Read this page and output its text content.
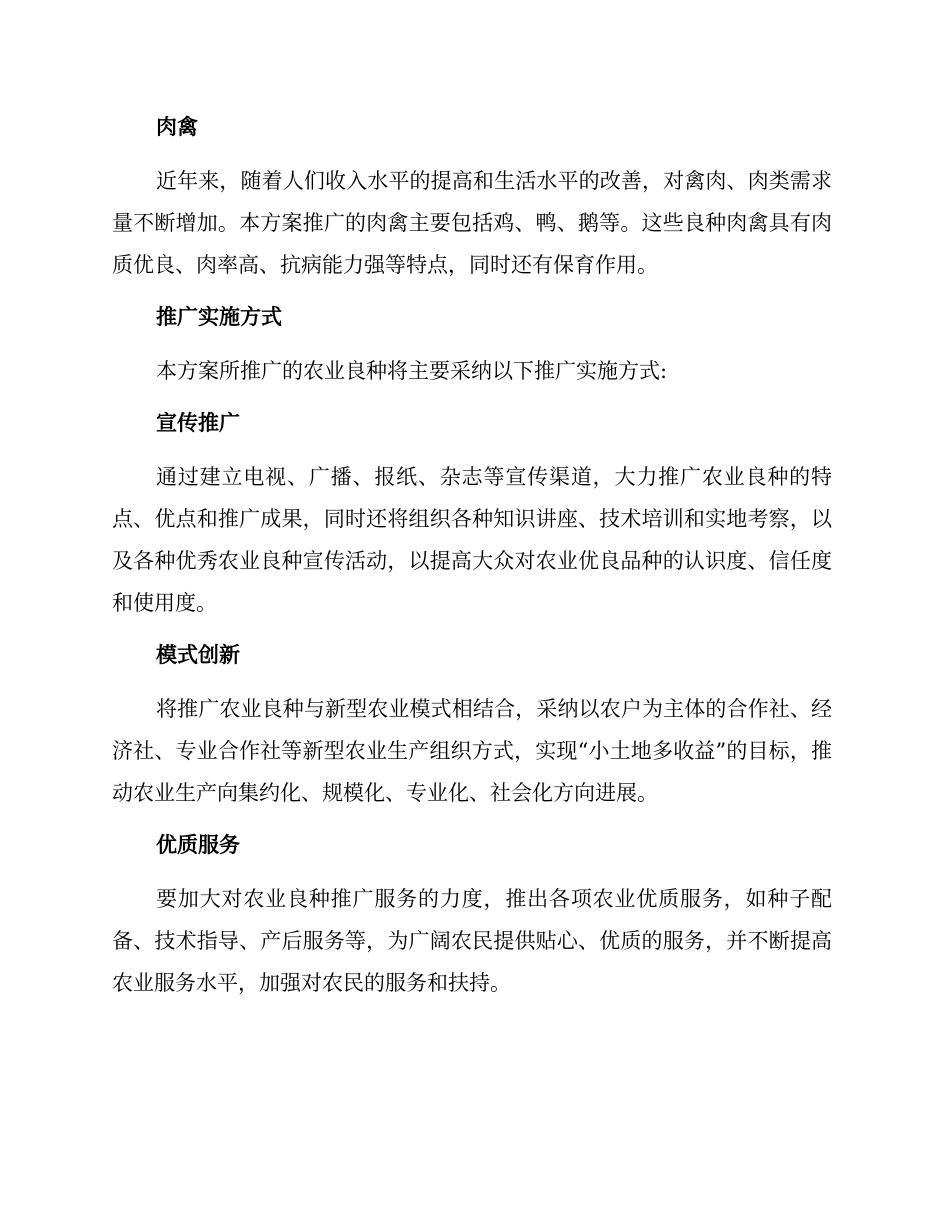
肉禽

近年来，随着人们收入水平的提高和生活水平的改善，对禽肉、肉类需求量不断增加。本方案推广的肉禽主要包括鸡、鸭、鹅等。这些良种肉禽具有肉质优良、肉率高、抗病能力强等特点，同时还有保育作用。

推广实施方式

本方案所推广的农业良种将主要采纳以下推广实施方式:

宣传推广

通过建立电视、广播、报纸、杂志等宣传渠道，大力推广农业良种的特点、优点和推广成果，同时还将组织各种知识讲座、技术培训和实地考察，以及各种优秀农业良种宣传活动，以提高大众对农业优良品种的认识度、信任度和使用度。

模式创新

将推广农业良种与新型农业模式相结合，采纳以农户为主体的合作社、经济社、专业合作社等新型农业生产组织方式，实现“小土地多收益”的目标，推动农业生产向集约化、规模化、专业化、社会化方向进展。

优质服务

要加大对农业良种推广服务的力度，推出各项农业优质服务，如种子配备、技术指导、产后服务等，为广阔农民提供贴心、优质的服务，并不断提高农业服务水平，加强对农民的服务和扶持。
